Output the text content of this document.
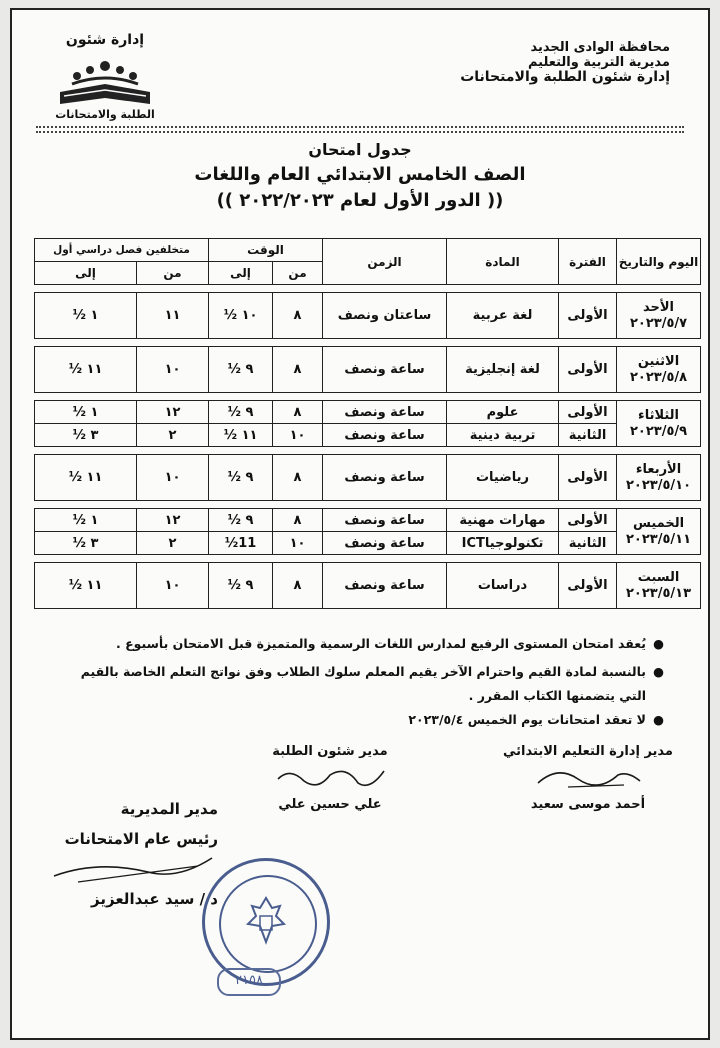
محافظة الوادى الجديد
مديرية التربية والتعليم
إدارة شئون الطلبة والامتحانات
إدارة شئون
الطلبة والامتحانات
جدول امتحان
الصف الخامس الابتدائي العام واللغات
(( الدور الأول لعام ٢٠٢٢/٢٠٢٣ ))
اليوم والتاريخ	الفترة	المادة	الزمن	الوقت		متخلفين فصل دراسي أول	
				من	إلى	من	إلى

الأحد
٢٠٢٣/٥/٧	الأولى	لغة عربية	ساعتان ونصف	٨	١٠ ½	١١	١ ½

الاثنين
٢٠٢٣/٥/٨	الأولى	لغة إنجليزية	ساعة ونصف	٨	٩ ½	١٠	١١ ½

الثلاثاء
٢٠٢٣/٥/٩	الأولى	علوم	ساعة ونصف	٨	٩ ½	١٢	١ ½
	الثانية	تربية دينية	ساعة ونصف	١٠	١١ ½	٢	٣ ½

الأربعاء
٢٠٢٣/٥/١٠	الأولى	رياضيات	ساعة ونصف	٨	٩ ½	١٠	١١ ½

الخميس
٢٠٢٣/٥/١١	الأولى	مهارات مهنية	ساعة ونصف	٨	٩ ½	١٢	١ ½
	الثانية	تكنولوجياICT	ساعة ونصف	١٠	11½	٢	٣ ½

السبت
٢٠٢٣/٥/١٣	الأولى	دراسات	ساعة ونصف	٨	٩ ½	١٠	١١ ½
●
يُعقد امتحان المستوى الرفيع لمدارس اللغات الرسمية والمتميزة قبل الامتحان بأسبوع .
●
بالنسبة لمادة القيم واحترام الآخر يقيم المعلم سلوك الطلاب وفق نواتج التعلم الخاصة بالقيم التي يتضمنها الكتاب المقرر .
●
لا تعقد امتحانات يوم الخميس ٢٠٢٣/٥/٤
مدير إدارة التعليم الابتدائي
أحمد موسى سعيد
مدير شئون الطلبة
علي حسين علي
مدير المديرية
رئيس عام الامتحانات
د / سيد عبدالعزيز
٢١٥٨
